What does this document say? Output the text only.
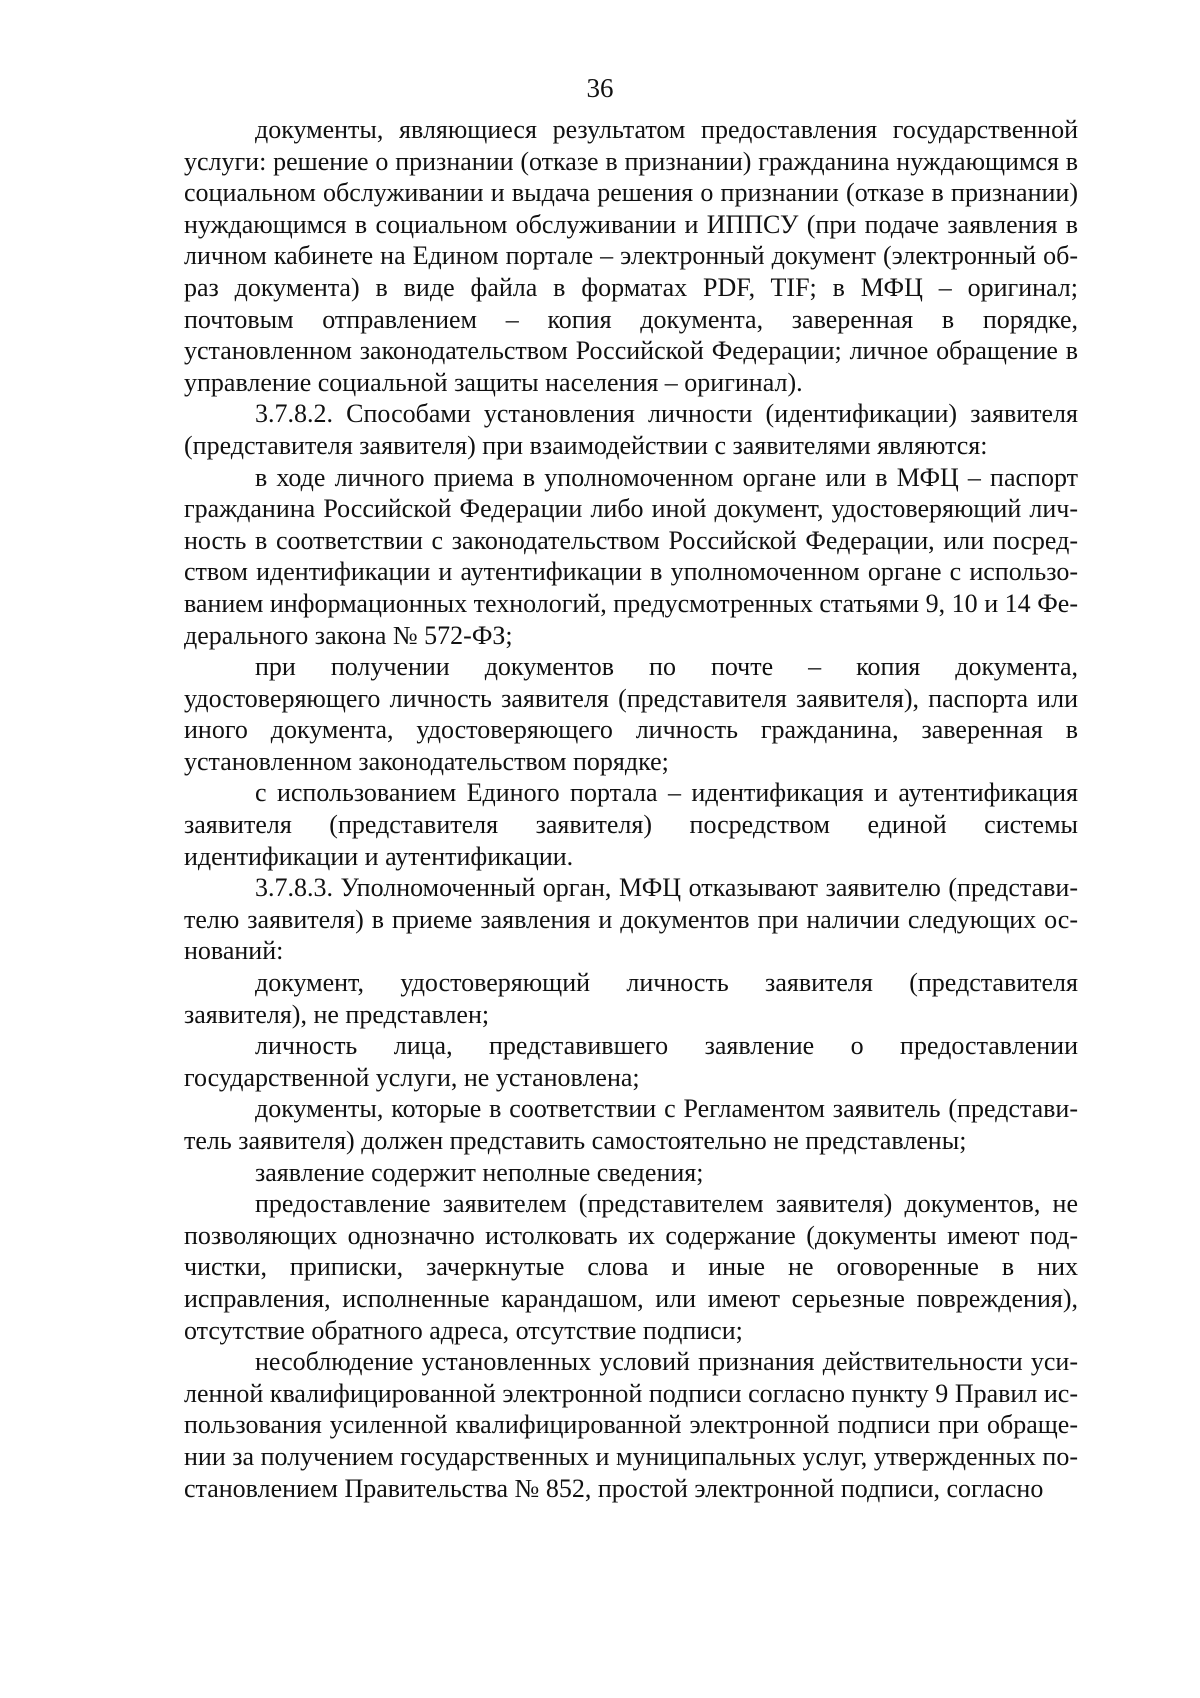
36

документы, являющиеся результатом предоставления государственной услуги: решение о признании (отказе в признании) гражданина нуждающимся в социальном обслуживании и выдача решения о признании (отказе в признании) нуждающимся в социальном обслуживании и ИППСУ (при подаче заявления в личном кабинете на Едином портале – электронный документ (электронный образ документа) в виде файла в форматах PDF, TIF; в МФЦ – оригинал; почтовым отправлением – копия документа, заверенная в порядке, установленном законодательством Российской Федерации; личное обращение в управление социальной защиты населения – оригинал).

3.7.8.2. Способами установления личности (идентификации) заявителя (представителя заявителя) при взаимодействии с заявителями являются:

в ходе личного приема в уполномоченном органе или в МФЦ – паспорт гражданина Российской Федерации либо иной документ, удостоверяющий личность в соответствии с законодательством Российской Федерации, или посредством идентификации и аутентификации в уполномоченном органе с использованием информационных технологий, предусмотренных статьями 9, 10 и 14 Федерального закона № 572-ФЗ;

при получении документов по почте – копия документа, удостоверяющего личность заявителя (представителя заявителя), паспорта или иного документа, удостоверяющего личность гражданина, заверенная в установленном законодательством порядке;

с использованием Единого портала – идентификация и аутентификация заявителя (представителя заявителя) посредством единой системы идентификации и аутентификации.

3.7.8.3. Уполномоченный орган, МФЦ отказывают заявителю (представителю заявителя) в приеме заявления и документов при наличии следующих оснований:

документ, удостоверяющий личность заявителя (представителя заявителя), не представлен;

личность лица, представившего заявление о предоставлении государственной услуги, не установлена;

документы, которые в соответствии с Регламентом заявитель (представитель заявителя) должен представить самостоятельно не представлены;

заявление содержит неполные сведения;

предоставление заявителем (представителем заявителя) документов, не позволяющих однозначно истолковать их содержание (документы имеют подчистки, приписки, зачеркнутые слова и иные не оговоренные в них исправления, исполненные карандашом, или имеют серьезные повреждения), отсутствие обратного адреса, отсутствие подписи;

несоблюдение установленных условий признания действительности усиленной квалифицированной электронной подписи согласно пункту 9 Правил использования усиленной квалифицированной электронной подписи при обращении за получением государственных и муниципальных услуг, утвержденных постановлением Правительства № 852, простой электронной подписи, согласно
